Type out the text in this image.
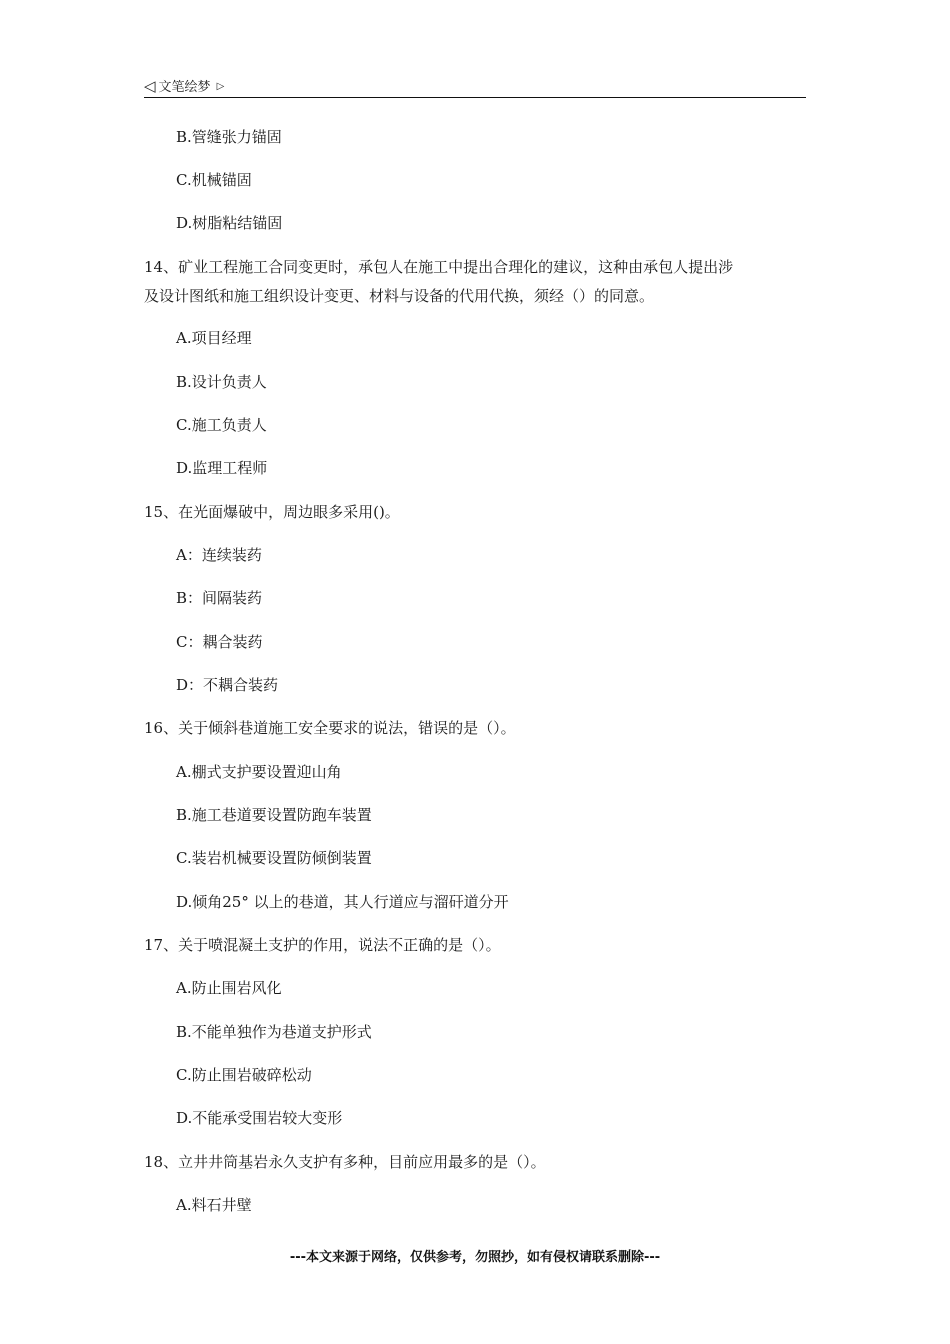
◁ 文笔绘梦 ▷
B.管缝张力锚固
C.机械锚固
D.树脂粘结锚固
14、矿业工程施工合同变更时，承包人在施工中提出合理化的建议，这种由承包人提出涉
及设计图纸和施工组织设计变更、材料与设备的代用代换，须经（）的同意。
A.项目经理
B.设计负责人
C.施工负责人
D.监理工程师
15、在光面爆破中，周边眼多采用()。
A：连续装药
B：间隔装药
C：耦合装药
D：不耦合装药
16、关于倾斜巷道施工安全要求的说法，错误的是（）。
A.棚式支护要设置迎山角
B.施工巷道要设置防跑车装置
C.装岩机械要设置防倾倒装置
D.倾角25° 以上的巷道，其人行道应与溜矸道分开
17、关于喷混凝土支护的作用，说法不正确的是（）。
A.防止围岩风化
B.不能单独作为巷道支护形式
C.防止围岩破碎松动
D.不能承受围岩较大变形
18、立井井筒基岩永久支护有多种，目前应用最多的是（）。
A.料石井壁
---本文来源于网络，仅供参考，勿照抄，如有侵权请联系删除---
